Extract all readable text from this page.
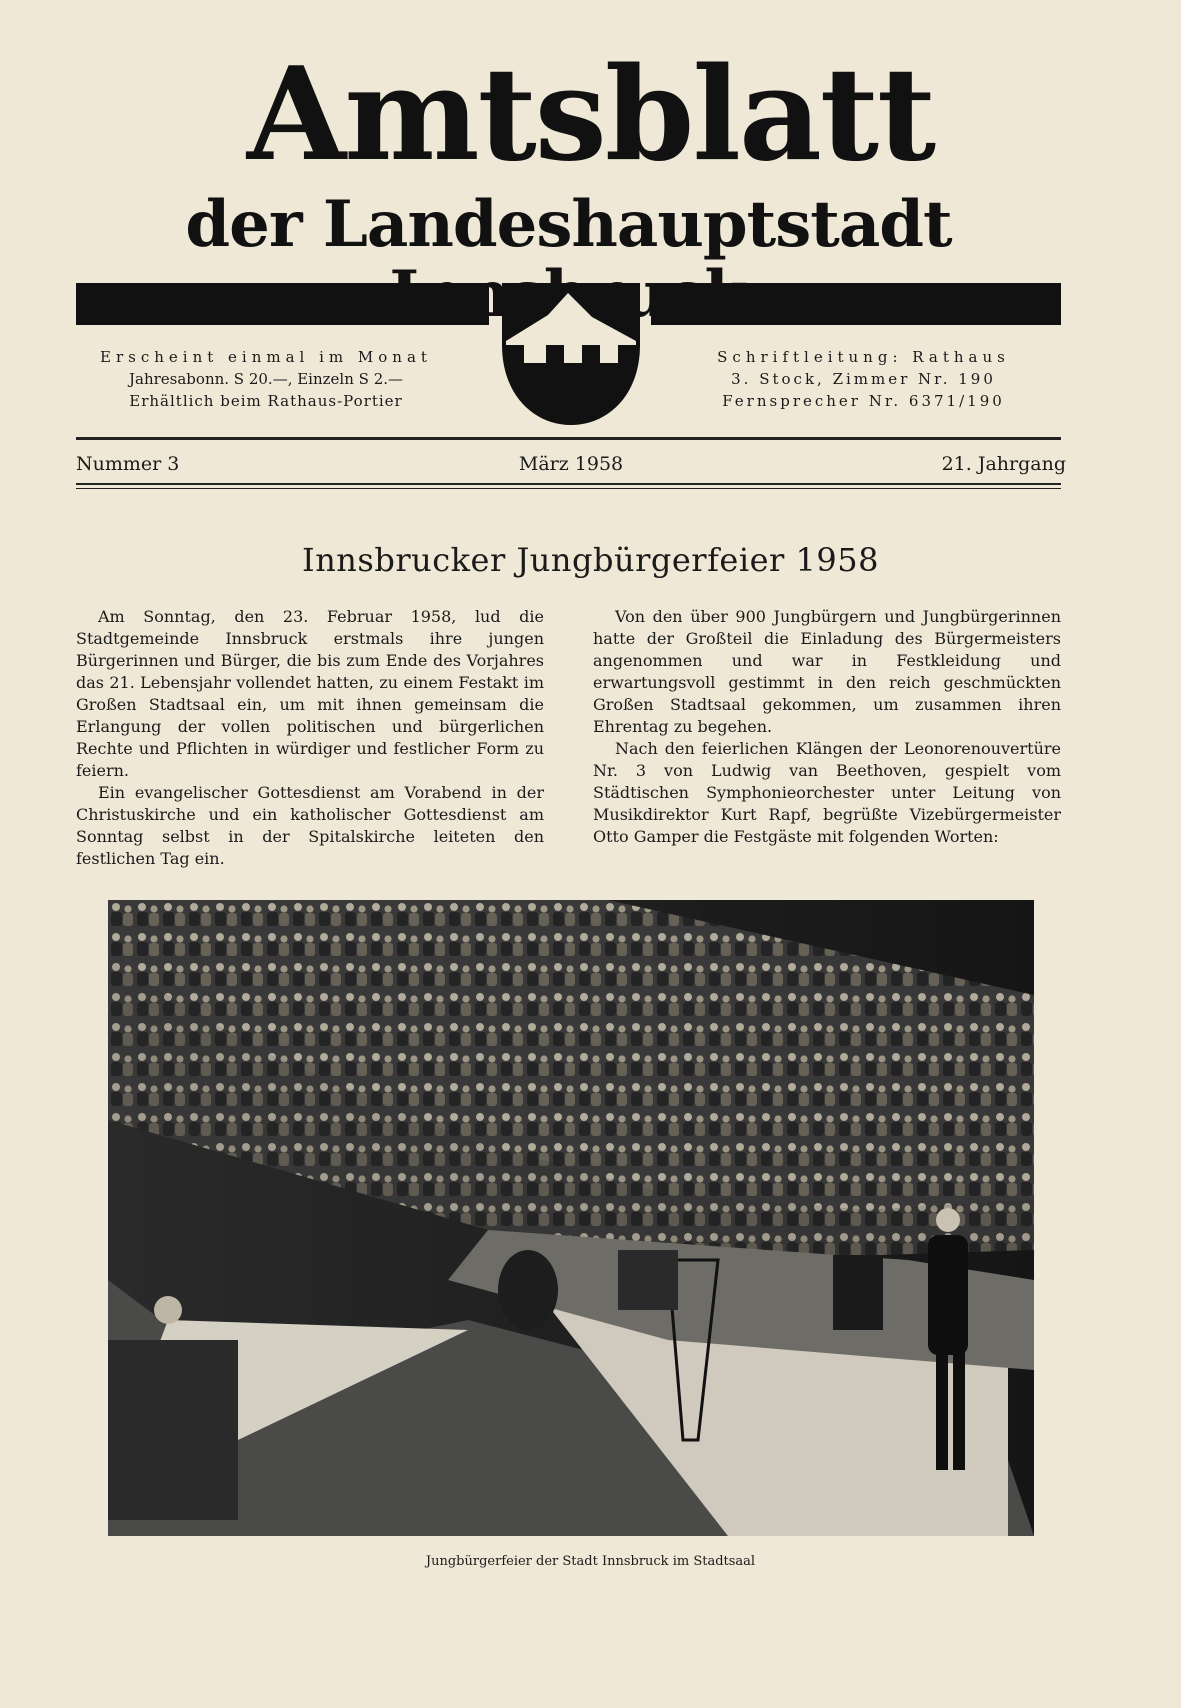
Amtsblatt
der Landeshauptstadt
Erscheint einmal im Monat
Jahresabonn. S 20.—, Einzeln S 2.—
Erhältlich beim Rathaus-Portier
Schriftleitung: Rathaus
3. Stock, Zimmer Nr. 190
Fernsprecher Nr. 6371/190
Nummer 3	März 1958	21. Jahrgang
Innsbrucker Jungbürgerfeier 1958

Am Sonntag, den 23. Februar 1958, lud die Stadtgemeinde Innsbruck erstmals ihre jungen Bürgerinnen und Bürger, die bis zum Ende des Vorjahres das 21. Lebensjahr vollendet hatten, zu einem Festakt im Großen Stadtsaal ein, um mit ihnen gemeinsam die Erlangung der vollen politischen und bürgerlichen Rechte und Pflichten in würdiger und festlicher Form zu feiern.

Ein evangelischer Gottesdienst am Vorabend in der Christuskirche und ein katholischer Gottesdienst am Sonntag selbst in der Spitalskirche leiteten den festlichen Tag ein.

Von den über 900 Jungbürgern und Jungbürgerinnen hatte der Großteil die Einladung des Bürgermeisters angenommen und war in Festkleidung und erwartungsvoll gestimmt in den reich geschmückten Großen Stadtsaal gekommen, um zusammen ihren Ehrentag zu begehen.

Nach den feierlichen Klängen der Leonorenouvertüre Nr. 3 von Ludwig van Beethoven, gespielt vom Städtischen Symphonieorchester unter Leitung von Musikdirektor Kurt Rapf, begrüßte Vizebürgermeister Otto Gamper die Festgäste mit folgenden Worten:

Jungbürgerfeier der Stadt Innsbruck im Stadtsaal
